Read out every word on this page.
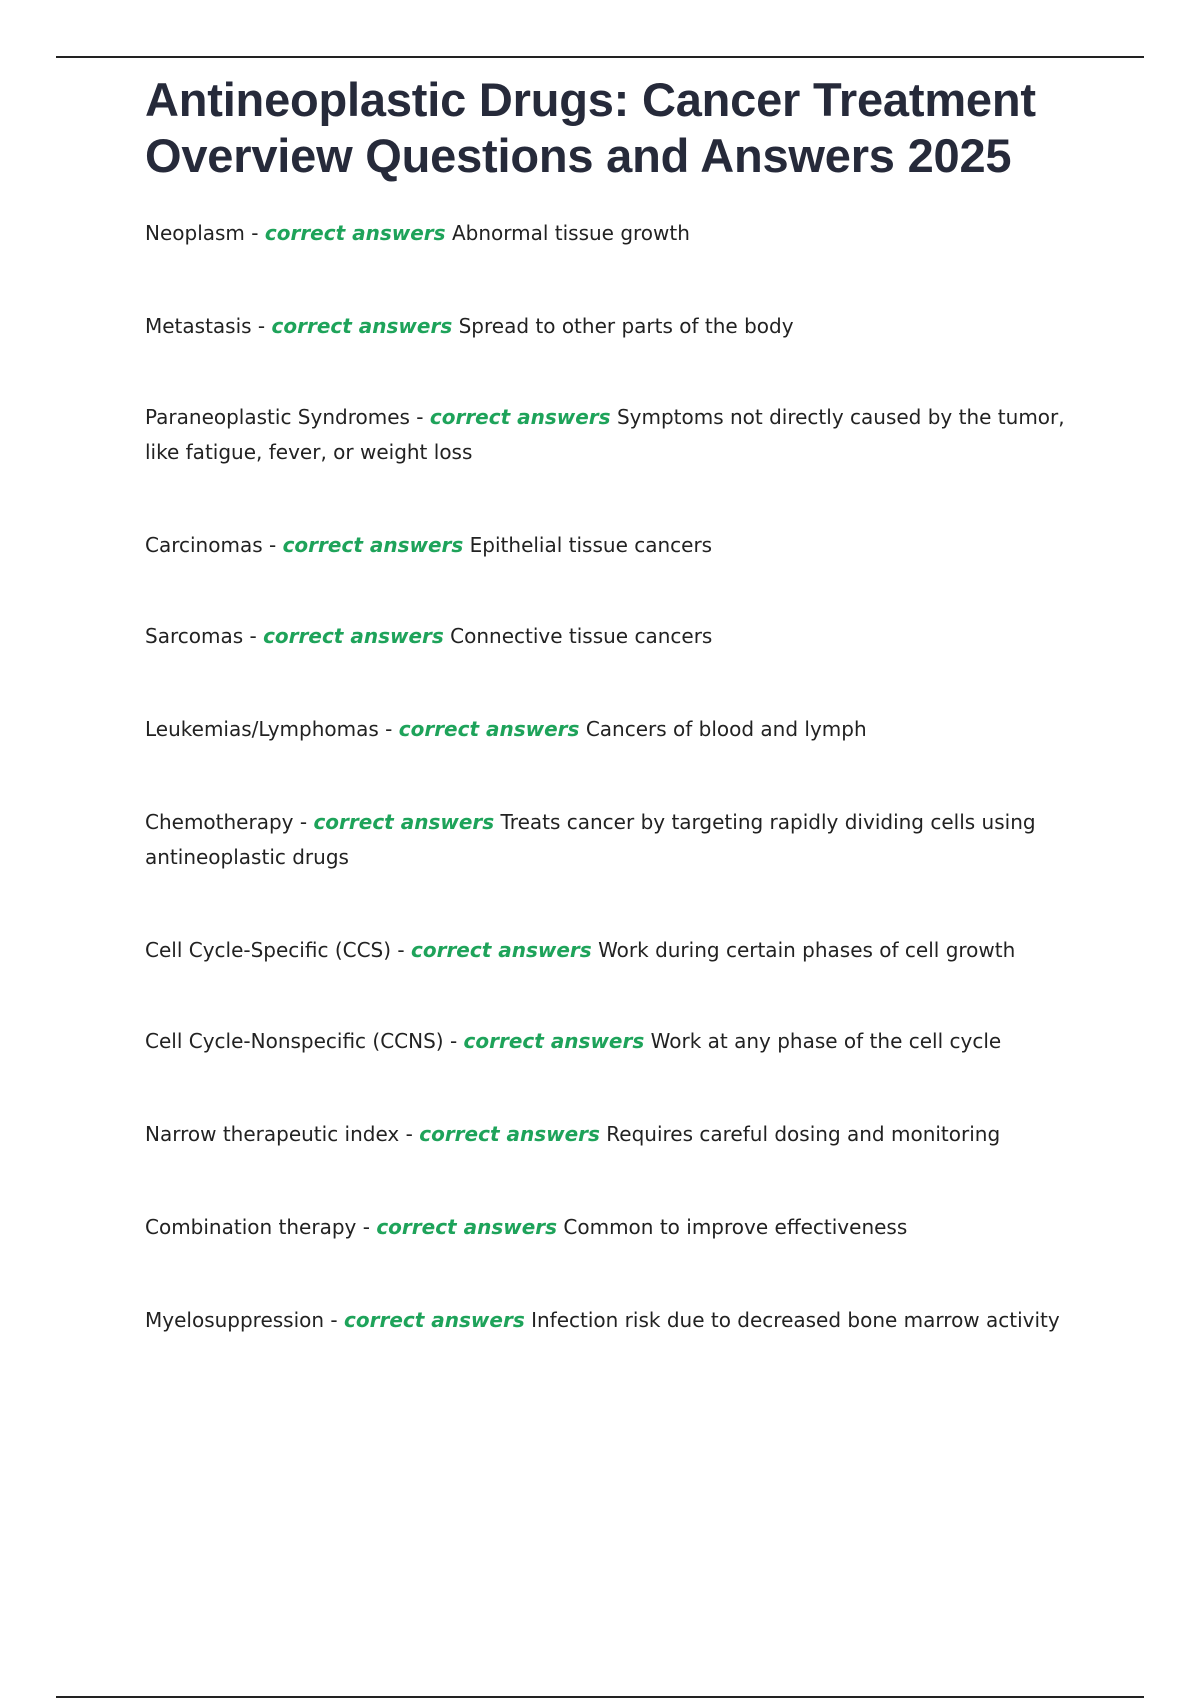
Antineoplastic Drugs: Cancer Treatment Overview Questions and Answers 2025

Neoplasm - correct answers Abnormal tissue growth

Metastasis - correct answers Spread to other parts of the body

Paraneoplastic Syndromes - correct answers Symptoms not directly caused by the tumor, like fatigue, fever, or weight loss

Carcinomas - correct answers Epithelial tissue cancers

Sarcomas - correct answers Connective tissue cancers

Leukemias/Lymphomas - correct answers Cancers of blood and lymph

Chemotherapy - correct answers Treats cancer by targeting rapidly dividing cells using antineoplastic drugs

Cell Cycle-Specific (CCS) - correct answers Work during certain phases of cell growth

Cell Cycle-Nonspecific (CCNS) - correct answers Work at any phase of the cell cycle

Narrow therapeutic index - correct answers Requires careful dosing and monitoring

Combination therapy - correct answers Common to improve effectiveness

Myelosuppression - correct answers Infection risk due to decreased bone marrow activity
